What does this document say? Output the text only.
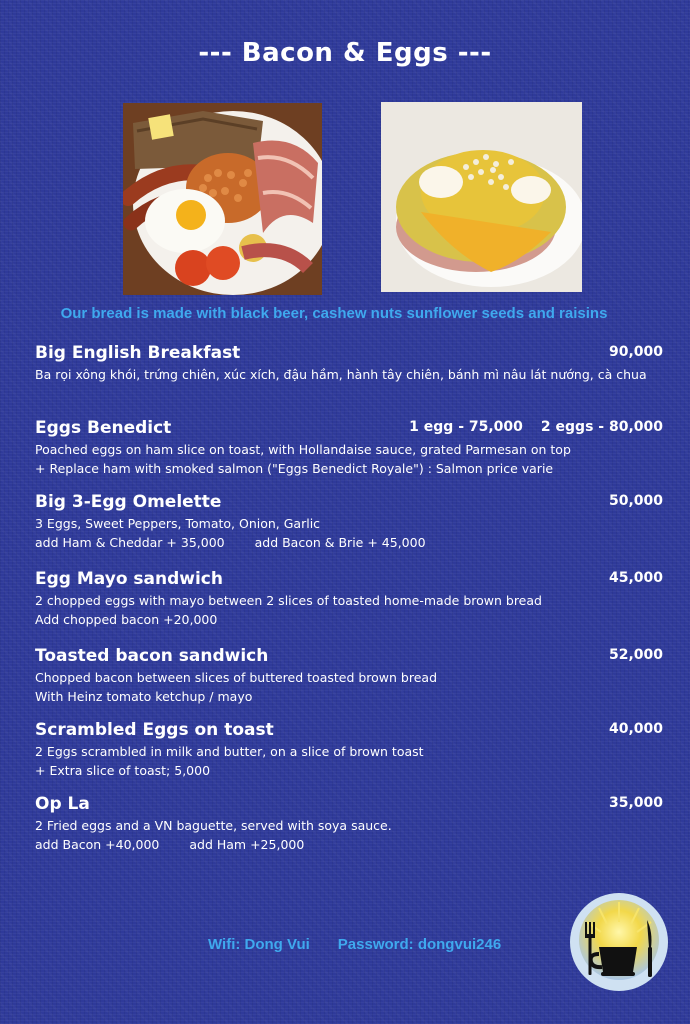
--- Bacon & Eggs ---
Our bread is made with black beer, cashew nuts sunflower seeds and raisins
Big English Breakfast	90,000
Ba rọi xông khói, trứng chiên, xúc xích, đậu hầm, hành tây chiên, bánh mì nâu lát nướng, cà chua
Eggs Benedict	1 egg - 75,000 2 eggs - 80,000
Poached eggs on ham slice on toast, with Hollandaise sauce, grated Parmesan on top
+ Replace ham with smoked salmon ("Eggs Benedict Royale") : Salmon price varie
Big 3-Egg Omelette	50,000
3 Eggs, Sweet Peppers, Tomato, Onion, Garlic
add Ham & Cheddar + 35,000 add Bacon & Brie + 45,000
Egg Mayo sandwich	45,000
2 chopped eggs with mayo between 2 slices of toasted home-made brown bread
Add chopped bacon +20,000
Toasted bacon sandwich	52,000
Chopped bacon between slices of buttered toasted brown bread
With Heinz tomato ketchup / mayo
Scrambled Eggs on toast	40,000
2 Eggs scrambled in milk and butter, on a slice of brown toast
+ Extra slice of toast; 5,000
Op La	35,000
2 Fried eggs and a VN baguette, served with soya sauce.
add Bacon +40,000 add Ham +25,000
Wifi: Dong Vui Password: dongvui246
